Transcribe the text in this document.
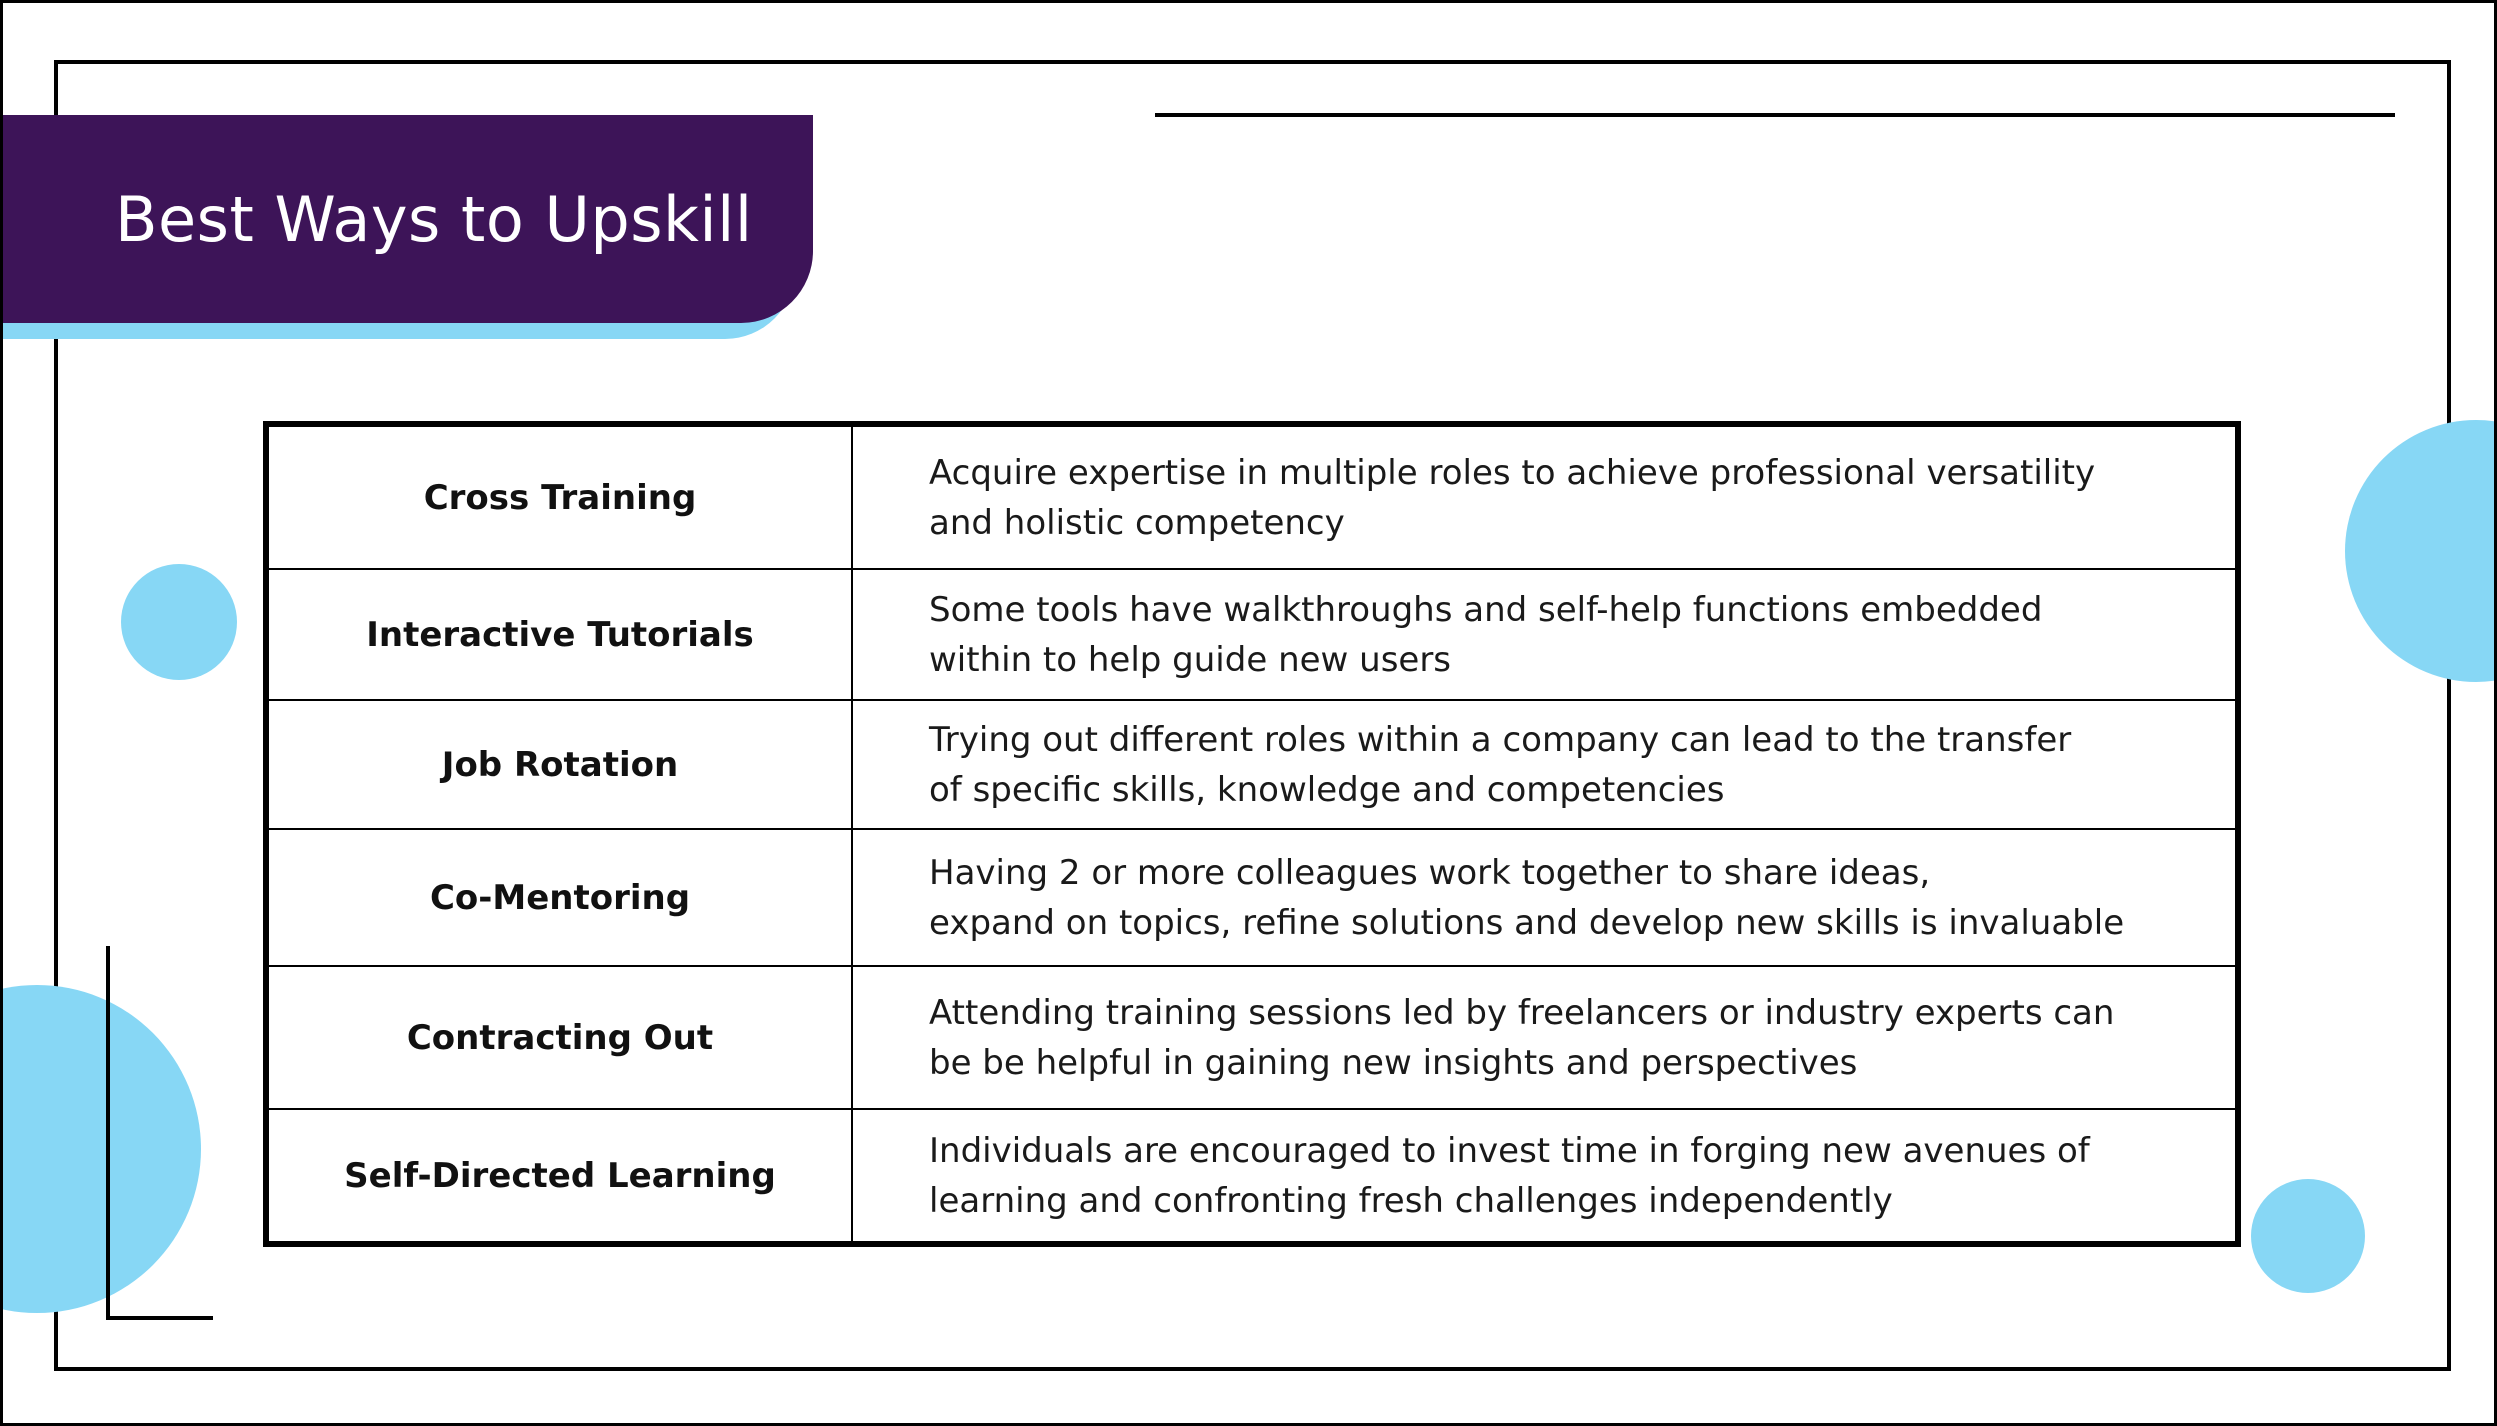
Best Ways to Upskill
Cross Training	Acquire expertise in multiple roles to achieve professional versatility
and holistic competency

Interactive Tutorials	Some tools have walkthroughs and self-help functions embedded
within to help guide new users

Job Rotation	Trying out different roles within a company can lead to the transfer
of specific skills, knowledge and competencies

Co-Mentoring	Having 2 or more colleagues work together to share ideas,
expand on topics, refine solutions and develop new skills is invaluable

Contracting Out	Attending training sessions led by freelancers or industry experts can
be be helpful in gaining new insights and perspectives

Self-Directed Learning	Individuals are encouraged to invest time in forging new avenues of
learning and confronting fresh challenges independently
